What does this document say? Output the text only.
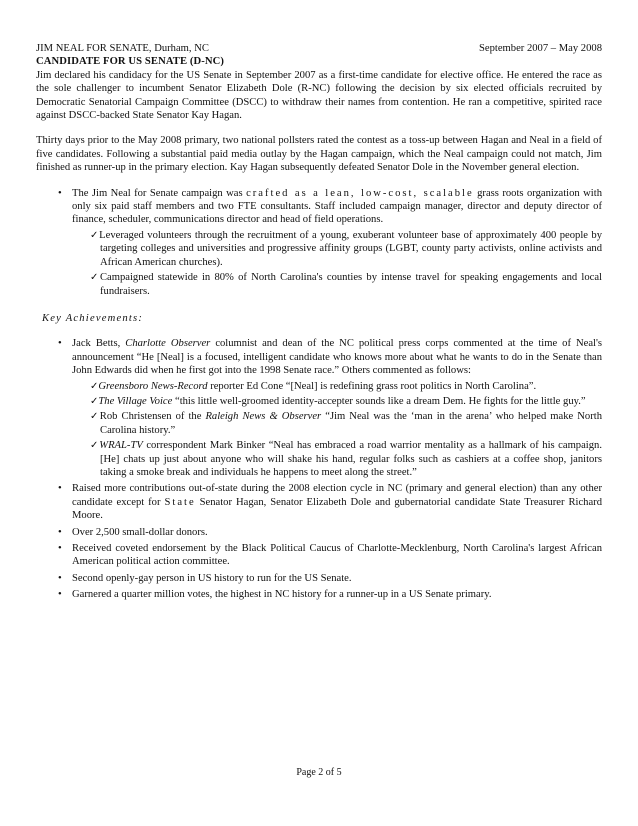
JIM NEAL FOR SENATE, Durham, NC	September 2007 – May 2008
CANDIDATE FOR US SENATE (D-NC)

Jim declared his candidacy for the US Senate in September 2007 as a first-time candidate for elective office. He entered the race as the sole challenger to incumbent Senator Elizabeth Dole (R-NC) following the decision by six elected officials recruited by Democratic Senatorial Campaign Committee (DSCC) to withdraw their names from contention. He ran a competitive, spirited race against DSCC-backed State Senator Kay Hagan.

Thirty days prior to the May 2008 primary, two national pollsters rated the contest as a toss-up between Hagan and Neal in a field of five candidates. Following a substantial paid media outlay by the Hagan campaign, which the Neal campaign could not match, Jim finished as runner-up in the primary election. Kay Hagan subsequently defeated Senator Dole in the November general election.

• The Jim Neal for Senate campaign was crafted as a lean, low-cost, scalable grass roots organization with only six paid staff members and two FTE consultants. Staff included campaign manager, director and deputy director of finance, scheduler, communications director and head of field operations.
✓Leveraged volunteers through the recruitment of a young, exuberant volunteer base of approximately 400 people by targeting colleges and universities and progressive affinity groups (LGBT, county party activists, online activists and African American churches).
✓Campaigned statewide in 80% of North Carolina's counties by intense travel for speaking engagements and local fundraisers.
Key Achievements:
• Jack Betts, Charlotte Observer columnist and dean of the NC political press corps commented at the time of Neal's announcement “He [Neal] is a focused, intelligent candidate who knows more about what he wants to do in the Senate than John Edwards did when he first got into the 1998 Senate race.” Others commented as follows:
✓Greensboro News-Record reporter Ed Cone “[Neal] is redefining grass root politics in North Carolina”.
✓The Village Voice “this little well-groomed identity-accepter sounds like a dream Dem. He fights for the little guy.”
✓Rob Christensen of the Raleigh News & Observer “Jim Neal was the ‘man in the arena’ who helped make North Carolina history.”
✓WRAL-TV correspondent Mark Binker “Neal has embraced a road warrior mentality as a hallmark of his campaign. [He] chats up just about anyone who will shake his hand, regular folks such as cashiers at a coffee shop, janitors taking a smoke break and individuals he happens to meet along the street.”
• Raised more contributions out-of-state during the 2008 election cycle in NC (primary and general election) than any other candidate except for State Senator Hagan, Senator Elizabeth Dole and gubernatorial candidate State Treasurer Richard Moore.
• Over 2,500 small-dollar donors.
• Received coveted endorsement by the Black Political Caucus of Charlotte-Mecklenburg, North Carolina's largest African American political action committee.
• Second openly-gay person in US history to run for the US Senate.
• Garnered a quarter million votes, the highest in NC history for a runner-up in a US Senate primary.
Page 2 of 5
